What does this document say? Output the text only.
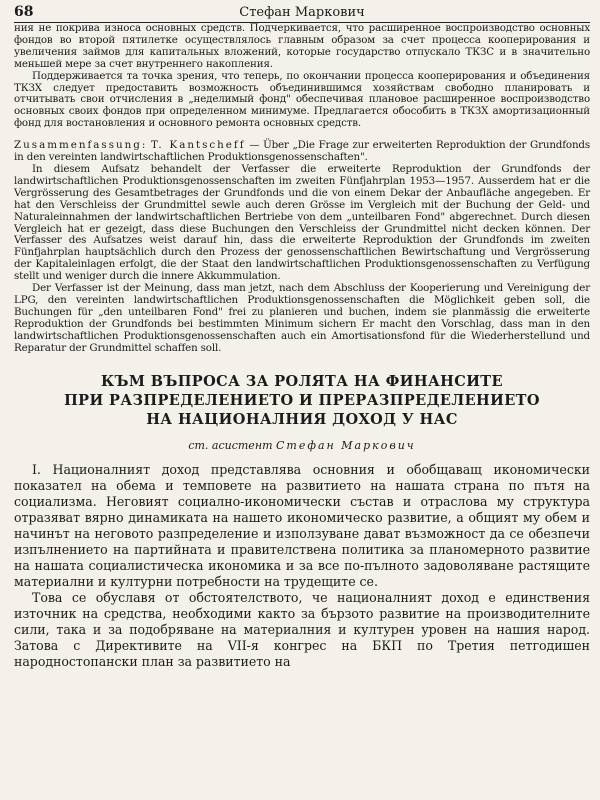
68	Стефан Маркович

ния не покрива износа основных средств. Подчеркивается, что расширенное воспроизводство основных фондов во второй пятилетке осуществлялось главным образом за счет процесса кооперирования и увеличения займов для капитальных вложений, которые государство отпускало ТКЗС и в значительно меньшей мере за счет внутреннего накопления.

Поддерживается та точка зрения, что теперь, по окончании процесса кооперирования и объединения ТКЗХ следует предоставить возможность объединившимся хозяйствам свободно планировать и отчитывать свои отчисления в „неделимый фонд" обеспечивая плановое расширенное воспроизводство основных своих фондов при определенном минимуме. Предлагается обособить в ТКЗХ амортизационный фонд для востановления и основного ремонта основных средств.

Zusammenfassung: T. Kantscheff — Über „Die Frage zur erweiterten Reproduktion der Grundfonds in den vereinten landwirtschaftlichen Produktionsgenossenschaften".

In diesem Aufsatz behandelt der Verfasser die erweiterte Reproduktion der Grundfonds der landwirtschaftlichen Produktionsgenossenschaften im zweiten Fünfjahrplan 1953—1957. Ausserdem hat er die Vergrösserung des Gesamtbetrages der Grundfonds und die von einem Dekar der Anbaufläche angegeben. Er hat den Verschleiss der Grundmittel sewle auch deren Grösse im Vergleich mit der Buchung der Geld- und Naturaleinnahmen der landwirtschaftlichen Bertriebe von dem „unteilbaren Fond" abgerechnet. Durch diesen Vergleich hat er gezeigt, dass diese Buchungen den Verschleiss der Grundmittel nicht decken können. Der Verfasser des Aufsatzes weist darauf hin, dass die erweiterte Reproduktion der Grundfonds im zweiten Fünfjahrplan hauptsächlich durch den Prozess der genossenschaftlichen Bewirtschaftung und Vergrösserung der Kapitaleinlagen erfolgt, die der Staat den landwirtschaftlichen Produktionsgenossenschaften zu Verfügung stellt und weniger durch die innere Akkummulation.

Der Verfasser ist der Meinung, dass man jetzt, nach dem Abschluss der Kooperierung und Vereinigung der LPG, den vereinten landwirtschaftlichen Produktionsgenossenschaften die Möglichkeit geben soll, die Buchungen für „den unteilbaren Fond" frei zu planieren und buchen, indem sie planmässig die erweiterte Reproduktion der Grundfonds bei bestimmten Minimum sichern Er macht den Vorschlag, dass man in den landwirtschaftlichen Produktionsgenossenschaften auch ein Amortisationsfond für die Wiederherstellund und Reparatur der Grundmittel schaffen soll.

КЪМ ВЪПРОСА ЗА РОЛЯТА НА ФИНАНСИТЕ
ПРИ РАЗПРЕДЕЛЕНИЕТО И ПРЕРАЗПРЕДЕЛЕНИЕТО
НА НАЦИОНАЛНИЯ ДОХОД У НАС
ст. асистент Стефан Маркович

I. Националният доход представлява основния и обобщаващ икономически показател на обема и темповете на развитието на нашата страна по пътя на социализма. Неговият социално-икономически състав и отраслова му структура отразяват вярно динамиката на нашето икономическо развитие, а общият му обем и начинът на неговото разпределение и използуване дават възможност да се обезпечи изпълнението на партийната и правителствена политика за планомерното развитие на нашата социалистическа икономика и за все по-пълното задоволяване растящите материални и културни потребности на трудещите се.

Това се обуславя от обстоятелството, че националният доход е единствения източник на средства, необходими както за бързото развитие на производителните сили, така и за подобряване на материалния и културен уровен на нашия народ. Затова с Директивите на VII-я конгрес на БКП по Третия петгодишен народностопански план за развитието на
